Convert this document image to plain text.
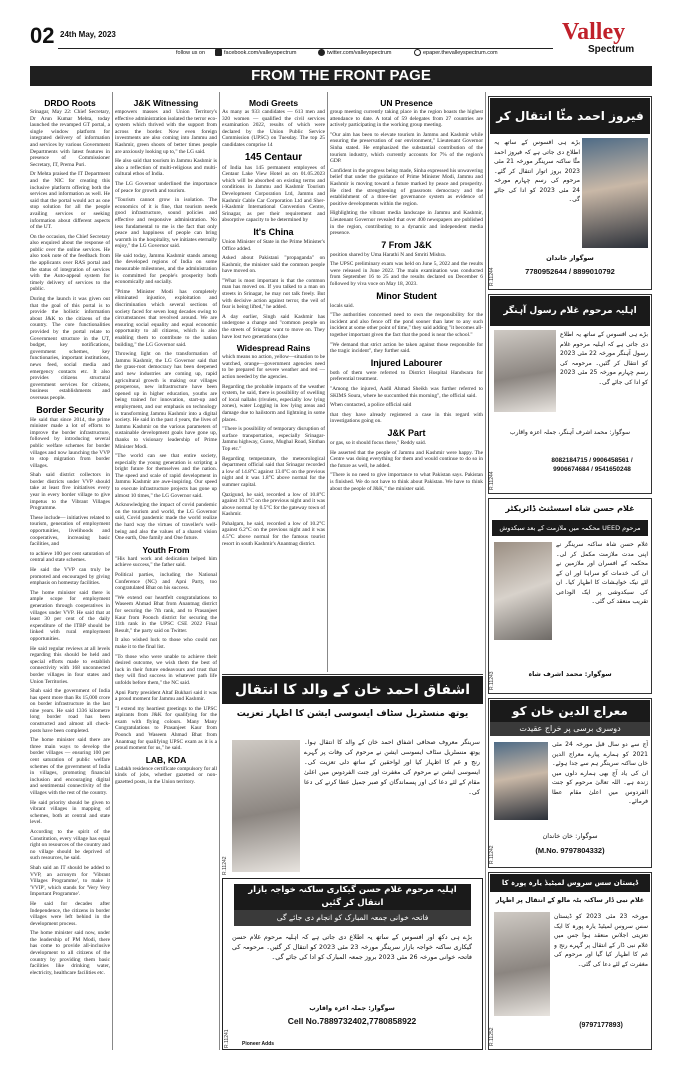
02 24th May, 2023
follow us on	facebook.com/valleyspectrum	twitter.com/valleyspectrum	epaper.thevalleyspectrum.com
Valley
Spectrum
FROM THE FRONT PAGE
DRDO Roots

Srinagar, May 22: Chief Secretary, Dr Arun Kumar Mehta, today launched the revamped GT portal, a single window platform for integrated delivery of information and services by various Government Departments with latest features in presence of Commissioner Secretary, IT, Prerna Puri.

Dr Mehta praised the IT Department and the NIC for creating this inclusive platform offering both the services and information as well. He said that the portal would act as one stop solution for all the people availing services or seeking information about different aspects of the UT.

On the occasion, the Chief Secretary also enquired about the response of public over the online services. He also took note of the feedback from the applicants over RAS portal and the status of integration of services with the Auto-appeal system for timely delivery of services to the public.

During the launch it was given out that the goal of this portal is to provide the holistic information about J&K to the citizens of the country. The core functionalities provided by the portal relate to Government structure in the UT, budget, key notifications, government schemes, key functionaries, important institutions, news feed, social media and emergency contacts etc. It also provides citizens structural government services for citizens, business establishments and overseas people.

Border Security

He said that since 2014, the prime minister made a lot of efforts to improve the border infrastructure, followed by introducing several public welfare schemes for border villages and now launching the VVP to stop migration from border villages.

Shah said district collectors in border districts under VVP should take at least five initiatives every year in every border village to give impetus to the Vibrant Villages Programme.

These include— initiatives related to tourism, generation of employment opportunities, livelihoods and cooperatives, increasing basic facilities, and

to achieve 100 per cent saturation of central and state schemes.

He said the VVP can truly be promoted and encouraged by giving emphasis on homestay facilities.

The home minister said there is ample scope for employment generation through cooperatives in villages under VVP. He said that at least 30 per cent of the daily expenditure of the ITBP should be linked with rural employment opportunities.

He said regular reviews at all levels regarding this should be held and special efforts made to establish connectivity with 168 unconnected border villages in four states and Union Territories.

Shah said the government of India has spent more than Rs 15,000 crore on border infrastructure in the last nine years. He said 1336 kilometre long border road has been constructed and almost all check-posts have been completed.

The home minister said there are three main ways to develop the border villages — ensuring 100 per cent saturation of public welfare schemes of the government of India in villages, promoting financial inclusion and encouraging digital and sentimental connectivity of the villages with the rest of the country.

He said priority should be given to vibrant villages in mapping of schemes, both at central and state level.

According to the spirit of the Constitution, every village has equal right on resources of the country and no village should be deprived of such resources, he said.

Shah said an IT should be added to VVP, an acronym for 'Vibrant Villages Programme', to make it 'VVIP', which stands for 'Very Very Important Programme'.

He said for decades after Independence, the citizens in border villages were left behind in the development process.

The home minister said now, under the leadership of PM Modi, there has come to provide all-inclusive development to all citizens of the country by providing them basic facilities like drinking water, electricity, healthcare facilities etc.

J&K Witnessing

empowers masses and Union Territory's effective administration isolated the terror eco-system which thrived with the support from across the border. Now even foreign investments are also coming into Jammu and Kashmir, green shoots of better times people are anxiously looking up to," the LG said.

He also said that tourism in Jammu Kashmir is also a reflection of multi-religious and multi-cultural ethos of India.

The LG Governor underlined the importance of peace for growth and tourism.

"Tourism cannot grow in isolation. The economics of it is fine, that tourism needs good infrastructure, sound policies and effective and responsive administration. No less fundamental to me is the fact that only peace and happiness of people can bring warmth in the hospitality, we initiates eternally enjoy," the LG Governor said.

He said today, Jammu Kashmir stands among the developed regions of India on some measurable milestones, and the administration is committed for people's prosperity both economically and socially.

"Prime Minister Modi has completely eliminated injustice, exploitation and discrimination which several sections of society faced for seven long decades owing to circumstances that revolved around. We are ensuring social equality and equal economic opportunity to all citizens, which is also enabling them to contribute to the nation building," the LG Governor said.

Throwing light on the transformation of Jammu Kashmir, the LG Governor said that the grass-root democracy has been deepened and new industries are coming up, rapid agricultural growth is making our villages prosperous, new infrastructure have been opened up in higher education, youths are being trained for innovation, start-up and employment, and our emphasis on technology is transforming Jammu Kashmir into a digital society. He said in the past 4 years, the lives of Jammu Kashmir on the various parameters of sustainable development goals have gone up, thanks to visionary leadership of Prime Minister Modi.

"The world can see that entire society, especially the young generation is scripting a bright future for themselves and the nation. The speed and scale of rapid development in Jammu Kashmir are awe-inspiring. Our speed to execute infrastructure projects has gone up almost 10 times," the LG Governor said.

Acknowledging the impact of covid pandemic on the tourism and world, the LG Governor said, Covid pandemic made the world realize the hard way the virtues of traveller's well-being and also the values of a shared vision One earth, One family and One future.

Youth From

"His hard work and dedication helped him achieve success," the father said.

Political parties, including the National Conference (NC) and Apni Party, too congratulated Bhat on his success.

"We extend our heartfelt congratulations to Waseem Ahmad Bhat from Anantnag district for securing the 7th rank, and to Prasanjeet Kaur from Poonch district for securing the 11th rank in the UPSC CSE 2022 Final Result," the party said on Twitter.

It also wished luck to those who could not make it to the final list.

"To those who were unable to achieve their desired outcome, we wish them the best of luck in their future endeavours and trust that they will find success in whatever path life unfolds before them," the NC said.

Apni Party president Altaf Bukhari said it was a proud moment for Jammu and Kashmir.

"I extend my heartiest greetings to the UPSC aspirants from J&K for qualifying for the exam with flying colours. Many Many Congratulations to Prasanjeet Kaur from Poonch and Waseem Ahmad Bhat from Anantnag for qualifying UPSC exam as it is a proud moment for us," he said.

LAB, KDA

Ladakh residence certificate compulsory for all kinds of jobs, whether gazetted or non-gazetted posts, in the Union territory.

Modi Greets

As many as 933 candidates — 613 men and 320 women — qualified the civil services examination 2022, results of which were declared by the Union Public Service Commission (UPSC) on Tuesday. The top 25 candidates comprise 14

145 Centaur

of India has 145 permanent employees of Centaur Lake View Hotel as on 01.05.2023 which will be absorbed on existing terms and conditions in Jammu and Kashmir Tourism Development Corporation Ltd, Jammu and Kashmir Cable Car Corporation Ltd and Sher-i-Kashmir International Convention Centre, Srinagar, as per their requirement and absorptive capacity to be determined by

It's China

Union Minister of State in the Prime Minister's Office added.

Asked about Pakistani "propaganda" on Kashmir, the minister said the common people have moved on.

"What is most important is that the common man has moved on. If you talked to a man on streets in Srinagar, he may not talk freely. But with decisive action against terror, the veil of fear is being lifted," he added.

A day earlier, Singh said Kashmir has undergone a change and "common people on the streets of Srinagar want to move on. They have lost two generations (due

Widespread Rains

which means no action, yellow—situation to be watched, orange—government agencies need to be prepared for severe weather and red —action needed by the agencies.

Regarding the probable impacts of the weather system, he said, there is possibility of swelling of local nallahs (rivulets, especially low lying zones), water Logging in low lying areas and damage due to hailstorm and lightning in some places.

"There is possibility of temporary disruption of surface transportation, especially Srinagar- Jammu highway, Gurez, Mughal Road, Sinthan Top etc."

Regarding temperature, the meteorological department official said that Srinagar recorded a low of 14.8°C against 13.0°C on the previous night and it was 1.8°C above normal for the summer capital.

Qazigund, he said, recorded a low of 10.8°C against 10.1°C on the previous night and it was above normal by 0.5°C for the gateway town of Kashmir.

Pahalgam, he said, recorded a low of 10.2°C against 6.2°C on the previous night and it was 4.5°C above normal for the famous tourist resort in south Kashmir's Anantnag district.

UN Presence

group meeting currently taking place in the region boasts the highest attendance to date. A total of 59 delegates from 27 countries are actively participating in the working group meeting.

"Our aim has been to elevate tourism in Jammu and Kashmir while ensuring the preservation of our environment," Lieutenant Governor Sinha stated. He emphasized the substantial contribution of the tourism industry, which currently accounts for 7% of the region's GDP.

Confident in the progress being made, Sinha expressed his unwavering belief that under the guidance of Prime Minister Modi, Jammu and Kashmir is moving toward a future marked by peace and prosperity. He cited the strengthening of grassroots democracy and the establishment of a three-tier governance system as evidence of positive developments within the region.

Highlighting the vibrant media landscape in Jammu and Kashmir, Lieutenant Governor revealed that over 400 newspapers are published in the region, contributing to a dynamic and independent media presence.

7 From J&K

position shared by Uma Harathi N and Smriti Mishra.

The UPSC preliminary exam was held on June 5, 2022 and the results were released in June 2022. The main examination was conducted from September 16 to 25 and the results declared on December 6 followed by viva voce on May 18, 2023.

Minor Student

locals said.

"The authorities concerned need to own the responsibility for the incident and also fence off the pond sooner than later to any such incident at some other point of time," they said adding "it becomes all-together important given the fact that the pond is near the school."

"We demand that strict action be taken against those responsible for the tragic incident", they further said.

Injured Labourer

both of them were referred to District Hospital Handwara for preferential treatment.

"Among the injured, Aadil Ahmad Sheikh was further referred to SKIMS Soura, where he succumbed this morning", the official said.

When contacted, a police official said

that they have already registered a case in this regard with investigations going on.

J&K Part

or gas, so it should focus there," Reddy said.

He asserted that the people of Jammu and Kashmir were happy. The Centre was doing everything for them and would continue to do so in the future as well, he added.

"There is no need to give importance to what Pakistan says. Pakistan is finished. We do not have to think about Pakistan. We have to think about the people of J&K," the minister said.

اشفاق احمد خان کے والد کا انتقال
یوتھ منسٹریل سٹاف ایسوسی ایشن کا اظہار تعزیت
R.11242
سرینگر معروف صحافی اشفاق احمد خان کے والد کا انتقال ہوا۔ یوتھ منسٹریل سٹاف ایسوسی ایشن نے مرحوم کی وفات پر گہرے رنج و غم کا اظہار کیا اور لواحقین کے ساتھ دلی تعزیت کی۔ ایسوسی ایشن نے مرحوم کی مغفرت اور جنت الفردوس میں اعلیٰ مقام کے لئے دعا کی اور پسماندگان کو صبر جمیل عطا کرنے کی دعا کی۔
اہلیہ مرحوم غلام حسن گیکاری ساکنہ خواجہ بازار انتقال کر گئیں
فاتحہ خوانی جمعہ المبارک کو انجام دی جائے گی
بڑے ہی دکھ اور افسوس کے ساتھ یہ اطلاع دی جاتی ہے کہ اہلیہ مرحوم غلام حسن گیکاری ساکنہ خواجہ بازار سرینگر مورخہ 23 مئی 2023 کو انتقال کر گئیں۔ مرحومہ کی فاتحہ خوانی مورخہ 26 مئی 2023 بروز جمعہ المبارک کو ادا کی جائے گی۔
سوگوار: جملہ اعزہ واقارب
Cell No.7889732402,7780858922
R.11241 Pioneer Adds
فیروز احمد مٹّا انتقال کر
بڑے ہی افسوس کے ساتھ یہ اطلاع دی جاتی ہے کہ فیروز احمد مٹّا ساکنہ سرینگر مورخہ 21 مئی 2023 بروز اتوار انتقال کر گئے۔ مرحوم کی رسم چہارم مورخہ 24 مئی 2023 کو ادا کی جائے گی۔
سوگوار خاندان
7780952644 / 8899010792
R.11244
اہلیہ مرحوم غلام رسول آہنگر
بڑے ہی افسوس کے ساتھ یہ اطلاع دی جاتی ہے کہ اہلیہ مرحوم غلام رسول آہنگر مورخہ 22 مئی 2023 کو انتقال کر گئیں۔ مرحومہ کی رسم چہارم مورخہ 25 مئی 2023 کو ادا کی جائے گی۔
سوگوار: محمد اشرف آہنگر، جملہ اعزہ واقارب
8082184715 / 9906458561 / 9906674684 / 9541650248
R.11244
غلام حسن شاہ اسسٹنٹ ڈائریکٹر
مرحوم UEED محکمہ میں ملازمت کے بعد سبکدوش
غلام حسن شاہ ساکنہ سرینگر نے اپنی مدت ملازمت مکمل کر لی۔ محکمہ کے افسران اور ملازمین نے ان کی خدمات کو سراہا اور ان کے لئے نیک خواہشات کا اظہار کیا۔ ان کی سبکدوشی پر ایک الوداعی تقریب منعقد کی گئی۔
سوگوار: محمد اشرف شاہ
R.11243
معراج الدین خان کو
دوسری برسی پر خراج عقیدت
آج سے دو سال قبل مورخہ 24 مئی 2021 کو ہمارے پیارے معراج الدین خان ساکنہ سرینگر ہم سے جدا ہوئے۔ ان کی یاد آج بھی ہمارے دلوں میں زندہ ہے۔ اللہ تعالیٰ مرحوم کو جنت الفردوس میں اعلیٰ مقام عطا فرمائے۔
سوگوار: خان خاندان
(M.No. 9797804332)
R.11242
ڈیستان سس سروس لمیٹیڈ یارہ پورہ کا
غلام نبی ڈار ساکنہ بٹہ مالو کے انتقال پر اظہار
مورخہ 23 مئی 2023 کو ڈیستان سس سروس لمیٹیڈ یارہ پورہ کا ایک تعزیتی اجلاس منعقد ہوا جس میں غلام نبی ڈار کے انتقال پر گہرے رنج و غم کا اظہار کیا گیا اور مرحوم کی مغفرت کے لئے دعا کی گئی۔
(9797177893)
R.11252
